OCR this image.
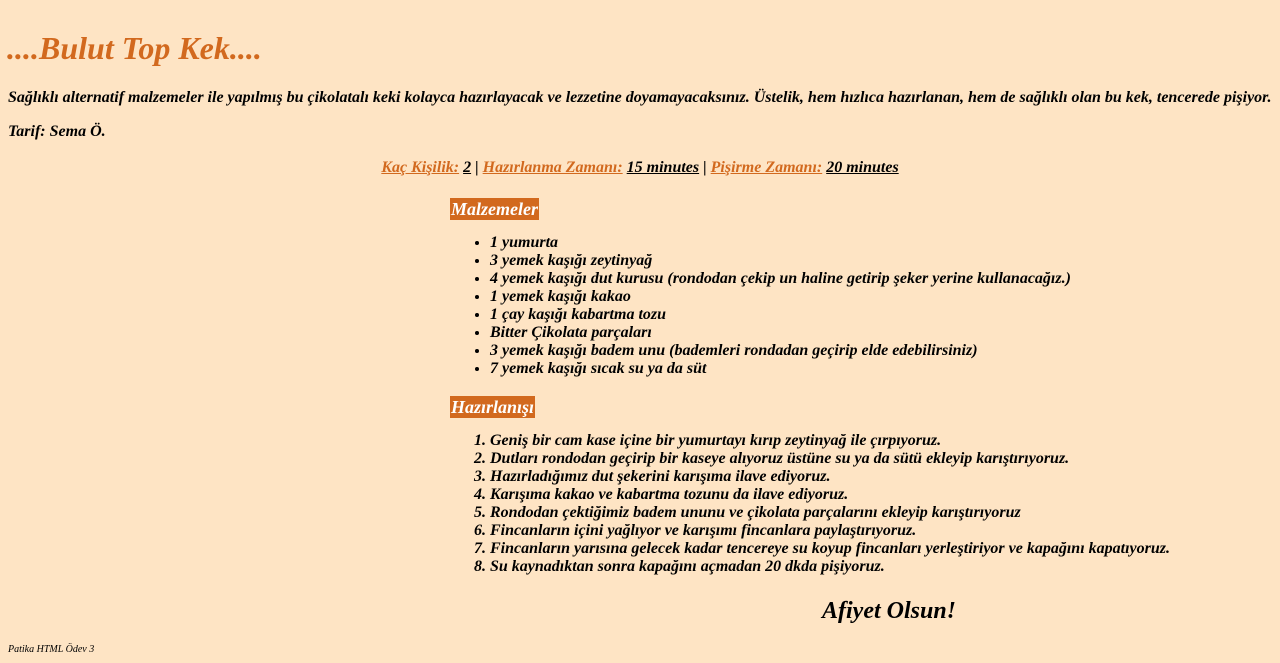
....Bulut Top Kek....

Sağlıklı alternatif malzemeler ile yapılmış bu çikolatalı keki kolayca hazırlayacak ve lezzetine doyamayacaksınız. Üstelik, hem hızlıca hazırlanan, hem de sağlıklı olan bu kek, tencerede pişiyor.

Tarif: Sema Ö.

Kaç Kişilik: 2 | Hazırlanma Zamanı: 15 minutes | Pişirme Zamanı: 20 minutes

Malzemeler
• 1 yumurta
• 3 yemek kaşığı zeytinyağ
• 4 yemek kaşığı dut kurusu (rondodan çekip un haline getirip şeker yerine kullanacağız.)
• 1 yemek kaşığı kakao
• 1 çay kaşığı kabartma tozu
• Bitter Çikolata parçaları
• 3 yemek kaşığı badem unu (bademleri rondadan geçirip elde edebilirsiniz)
• 7 yemek kaşığı sıcak su ya da süt
Hazırlanışı
1. Geniş bir cam kase içine bir yumurtayı kırıp zeytinyağ ile çırpıyoruz.
2. Dutları rondodan geçirip bir kaseye alıyoruz üstüne su ya da sütü ekleyip karıştırıyoruz.
3. Hazırladığımız dut şekerini karışıma ilave ediyoruz.
4. Karışıma kakao ve kabartma tozunu da ilave ediyoruz.
5. Rondodan çektiğimiz badem ununu ve çikolata parçalarını ekleyip karıştırıyoruz
6. Fincanların içini yağlıyor ve karışımı fincanlara paylaştırıyoruz.
7. Fincanların yarısına gelecek kadar tencereye su koyup fincanları yerleştiriyor ve kapağını kapatıyoruz.
8. Su kaynadıktan sonra kapağını açmadan 20 dkda pişiyoruz.

Afiyet Olsun!

Patika HTML Ödev 3
